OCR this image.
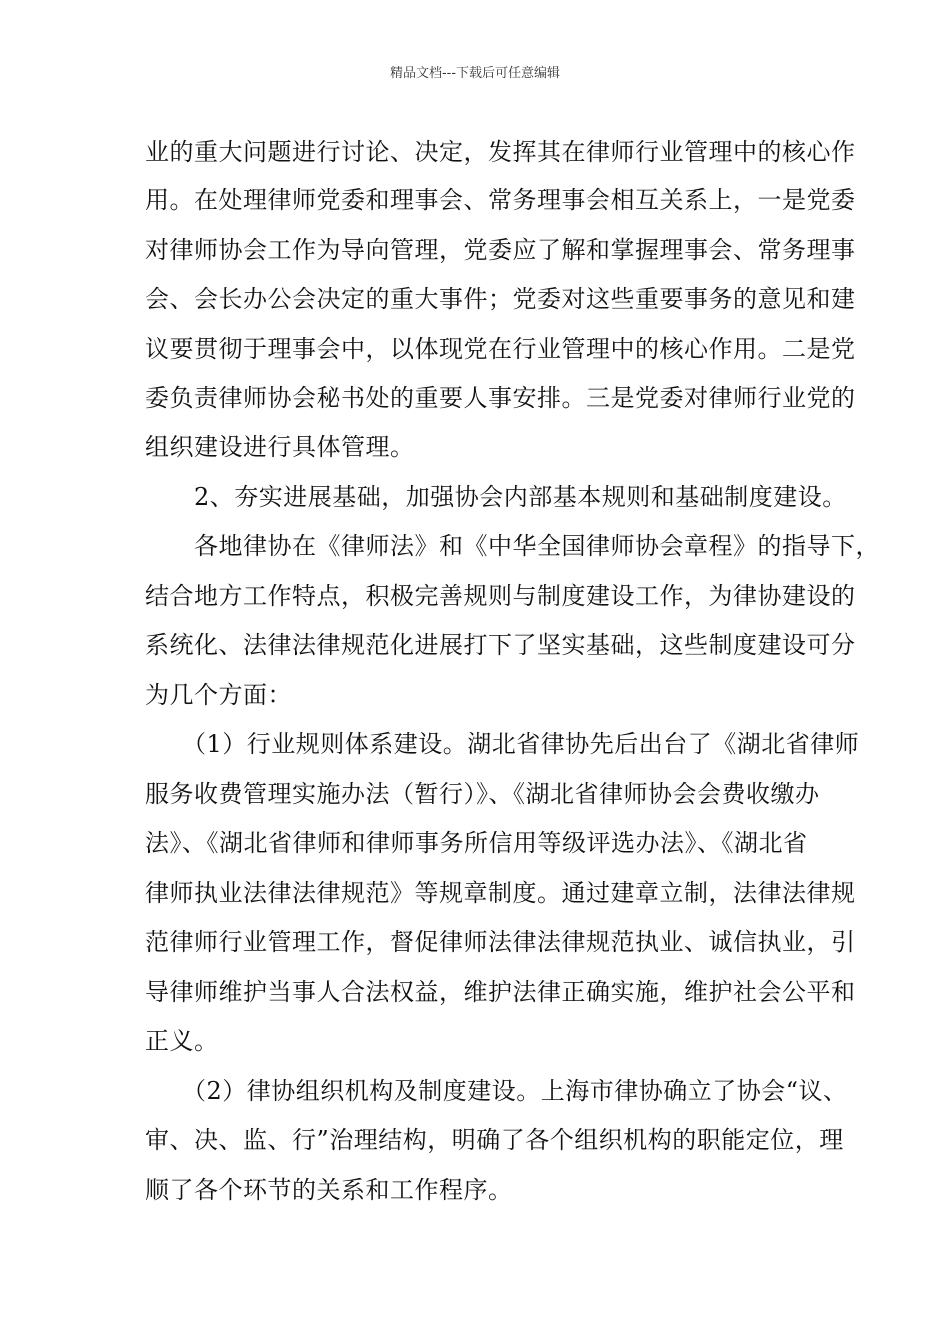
精品文档---下载后可任意编辑
业的重大问题进行讨论、决定，发挥其在律师行业管理中的核心作
用。在处理律师党委和理事会、常务理事会相互关系上，一是党委
对律师协会工作为导向管理，党委应了解和掌握理事会、常务理事
会、会长办公会决定的重大事件；党委对这些重要事务的意见和建
议要贯彻于理事会中，以体现党在行业管理中的核心作用。二是党
委负责律师协会秘书处的重要人事安排。三是党委对律师行业党的
组织建设进行具体管理。
　　2、夯实进展基础，加强协会内部基本规则和基础制度建设。
　　各地律协在《律师法》和《中华全国律师协会章程》的指导下，
结合地方工作特点，积极完善规则与制度建设工作，为律协建设的
系统化、法律法律规范化进展打下了坚实基础，这些制度建设可分
为几个方面：
　　（1）行业规则体系建设。湖北省律协先后出台了《湖北省律师
服务收费管理实施办法（暂行）》、《湖北省律师协会会费收缴办
法》、《湖北省律师和律师事务所信用等级评选办法》、《湖北省
律师执业法律法律规范》等规章制度。通过建章立制，法律法律规
范律师行业管理工作，督促律师法律法律规范执业、诚信执业，引
导律师维护当事人合法权益，维护法律正确实施，维护社会公平和
正义。
　　（2）律协组织机构及制度建设。上海市律协确立了协会“议、
审、决、监、行”治理结构，明确了各个组织机构的职能定位，理
顺了各个环节的关系和工作程序。
